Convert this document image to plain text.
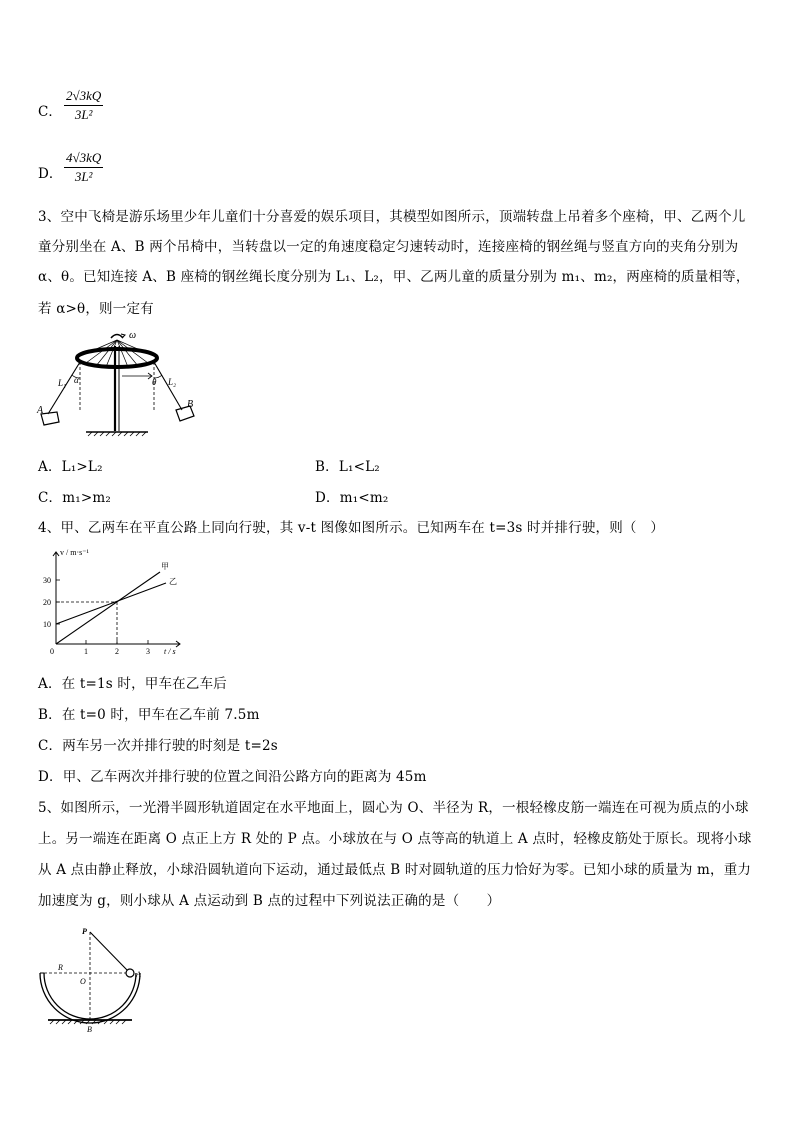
C． $\frac{2√3kQ}{\text{3L²}}$
D． $\frac{4√3kQ}{\text{3L²}}$
3、空中飞椅是游乐场里少年儿童们十分喜爱的娱乐项目，其模型如图所示，顶端转盘上吊着多个座椅，甲、乙两个儿
童分别坐在 A、B 两个吊椅中，当转盘以一定的角速度稳定匀速转动时，连接座椅的钢丝绳与竖直方向的夹角分别为
α、θ。已知连接 A、B 座椅的钢丝绳长度分别为 L₁、L₂，甲、乙两儿童的质量分别为 m₁、m₂，两座椅的质量相等，
若 α>θ，则一定有
ω
L₁ α	θ L₂
A
B
A．L₁>L₂	B．L₁<L₂
C．m₁>m₂	D．m₁<m₂
4、甲、乙两车在平直公路上同向行驶，其 v-t 图像如图所示。已知两车在 t=3s 时并排行驶，则（　）
30
20
10
0	1	2	3
v / m·s⁻¹
t / s
甲
乙
A．在 t=1s 时，甲车在乙车后
B．在 t=0 时，甲车在乙车前 7.5m
C．两车另一次并排行驶的时刻是 t=2s
D．甲、乙车两次并排行驶的位置之间沿公路方向的距离为 45m
5、如图所示，一光滑半圆形轨道固定在水平地面上，圆心为 O、半径为 R，一根轻橡皮筋一端连在可视为质点的小球
上。另一端连在距离 O 点正上方 R 处的 P 点。小球放在与 O 点等高的轨道上 A 点时，轻橡皮筋处于原长。现将小球
从 A 点由静止释放，小球沿圆轨道向下运动，通过最低点 B 时对圆轨道的压力恰好为零。已知小球的质量为 m，重力
加速度为 g，则小球从 A 点运动到 B 点的过程中下列说法正确的是（　　）
P
R
O
A
B
